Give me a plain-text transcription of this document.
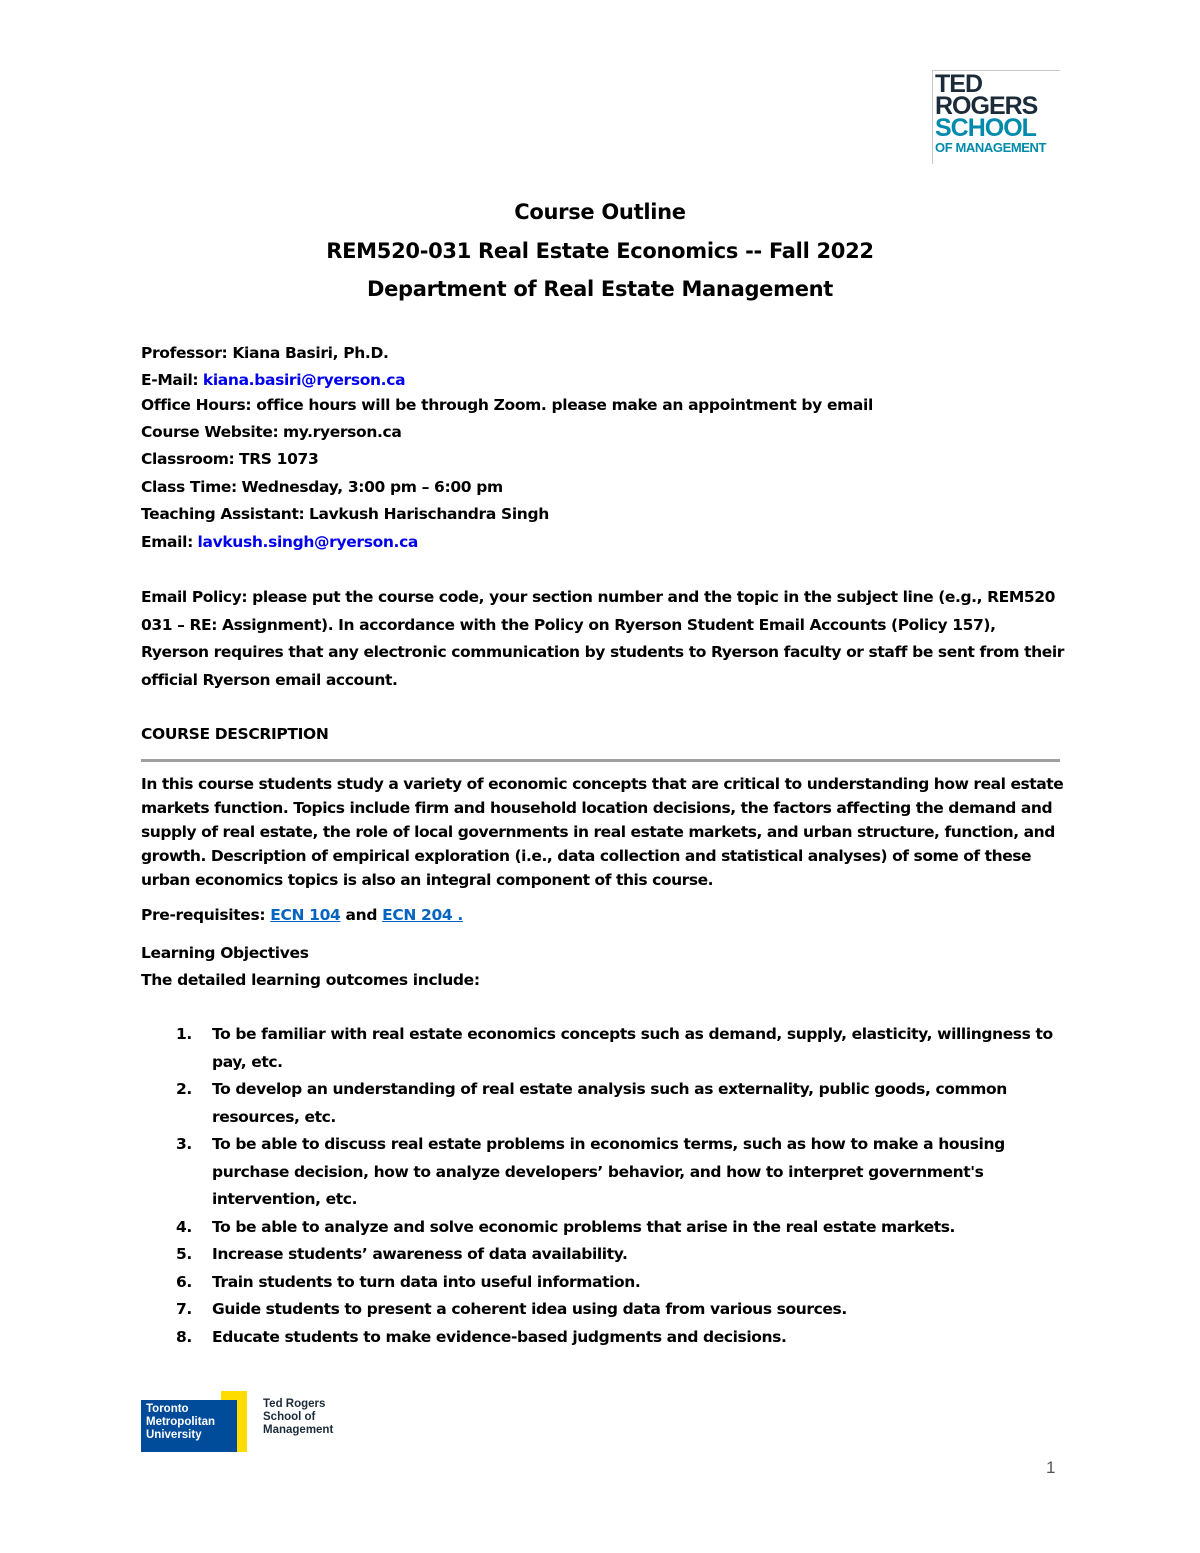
TED
ROGERS
SCHOOL
OF MANAGEMENT
Course Outline
REM520-031 Real Estate Economics -- Fall 2022
Department of Real Estate Management
Professor: Kiana Basiri, Ph.D.
E-Mail: kiana.basiri@ryerson.ca
Office Hours: office hours will be through Zoom. please make an appointment by email
Course Website: my.ryerson.ca
Classroom: TRS 1073
Class Time: Wednesday, 3:00 pm – 6:00 pm
Teaching Assistant: Lavkush Harischandra Singh
Email: lavkush.singh@ryerson.ca
Email Policy: please put the course code, your section number and the topic in the subject line (e.g., REM520 031 – RE: Assignment). In accordance with the Policy on Ryerson Student Email Accounts (Policy 157), Ryerson requires that any electronic communication by students to Ryerson faculty or staff be sent from their official Ryerson email account.
COURSE DESCRIPTION
In this course students study a variety of economic concepts that are critical to understanding how real estate markets function. Topics include firm and household location decisions, the factors affecting the demand and supply of real estate, the role of local governments in real estate markets, and urban structure, function, and growth. Description of empirical exploration (i.e., data collection and statistical analyses) of some of these urban economics topics is also an integral component of this course.
Pre-requisites: ECN 104 and ECN 204 .
Learning Objectives
The detailed learning outcomes include:
1. To be familiar with real estate economics concepts such as demand, supply, elasticity, willingness to pay, etc.
2. To develop an understanding of real estate analysis such as externality, public goods, common resources, etc.
3. To be able to discuss real estate problems in economics terms, such as how to make a housing purchase decision, how to analyze developers’ behavior, and how to interpret government's intervention, etc.
4. To be able to analyze and solve economic problems that arise in the real estate markets.
5. Increase students’ awareness of data availability.
6. Train students to turn data into useful information.
7. Guide students to present a coherent idea using data from various sources.
8. Educate students to make evidence-based judgments and decisions.
Toronto
Metropolitan
University
Ted Rogers
School of
Management
1
